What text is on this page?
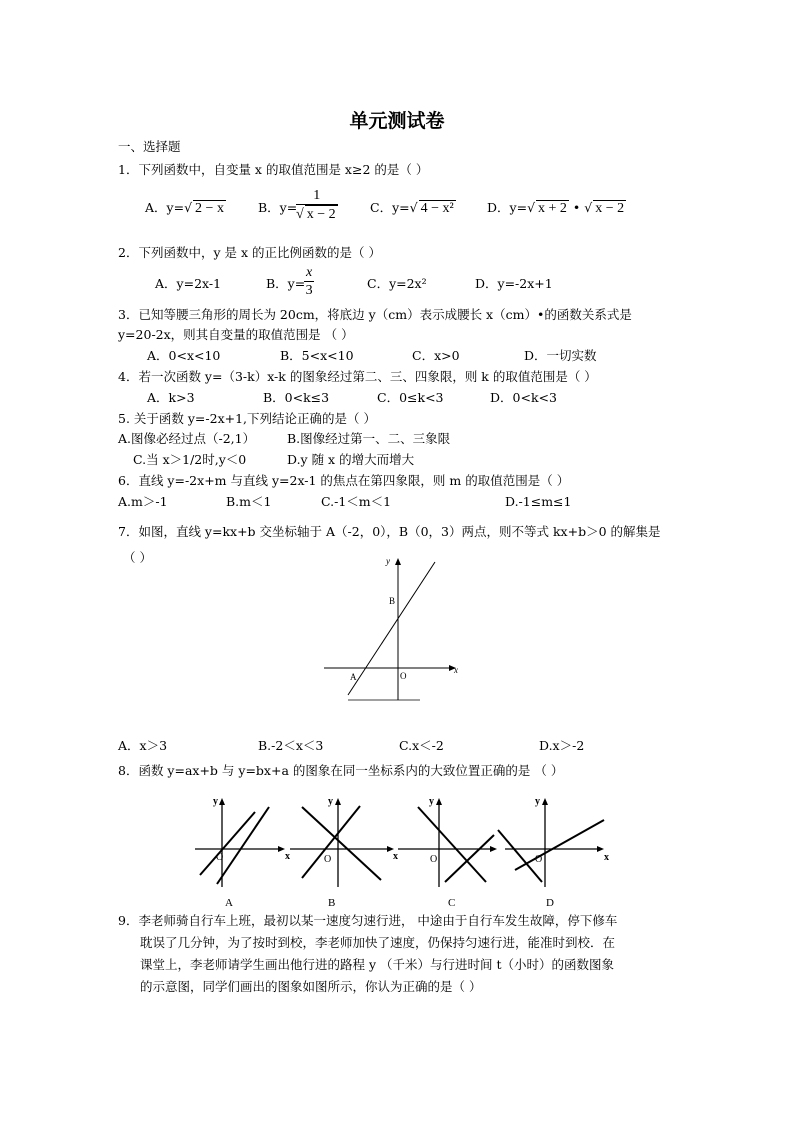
单元测试卷
一、选择题
1．下列函数中，自变量 x 的取值范围是 x≥2 的是（ ）
A．y=√ 2 − x	B．y=
$\frac{1}{√ x - 2}$	C．y=√ 4 − x²	D．y=√ x + 2 • √ x − 2
2．下列函数中，y 是 x 的正比例函数的是（ ）
A．y=2x-1	B．y=
$\frac{x}{3}$	C．y=2x²	D．y=-2x+1
3．已知等腰三角形的周长为 20cm，将底边 y（cm）表示成腰长 x（cm）•的函数关系式是
y=20-2x，则其自变量的取值范围是 （ ）
A．0<x<10	B．5<x<10	C．x>0	D．一切实数
4．若一次函数 y=（3-k）x-k 的图象经过第二、三、四象限，则 k 的取值范围是（ ）
A．k>3	B．0<k≤3	C．0≤k<3	D．0<k<3
5. 关于函数 y=-2x+1,下列结论正确的是（ ）
A.图像必经过点（-2,1）	B.图像经过第一、二、三象限
C.当 x＞1/2时,y＜0	D.y 随 x 的增大而增大
6．直线 y=-2x+m 与直线 y=2x-1 的焦点在第四象限，则 m 的取值范围是（ ）
A.m＞-1	B.m＜1	C.-1＜m＜1	D.-1≤m≤1
7．如图，直线 y=kx+b 交坐标轴于 A（-2，0），B（0，3）两点，则不等式 kx+b＞0 的解集是
（ ）	y
x
B
A	O
A．x＞3	B.-2＜x＜3	C.x＜-2	D.x＞-2
8．函数 y=ax+b 与 y=bx+a 的图象在同一坐标系内的大致位置正确的是 （ ）
y
x
O
A
y
x
O
B
y
O
C
y
x
O
D
9．李老师骑自行车上班，最初以某一速度匀速行进， 中途由于自行车发生故障，停下修车
耽误了几分钟，为了按时到校，李老师加快了速度，仍保持匀速行进，能准时到校．在
课堂上，李老师请学生画出他行进的路程 y （千米）与行进时间 t（小时）的函数图象
的示意图，同学们画出的图象如图所示，你认为正确的是（ ）
